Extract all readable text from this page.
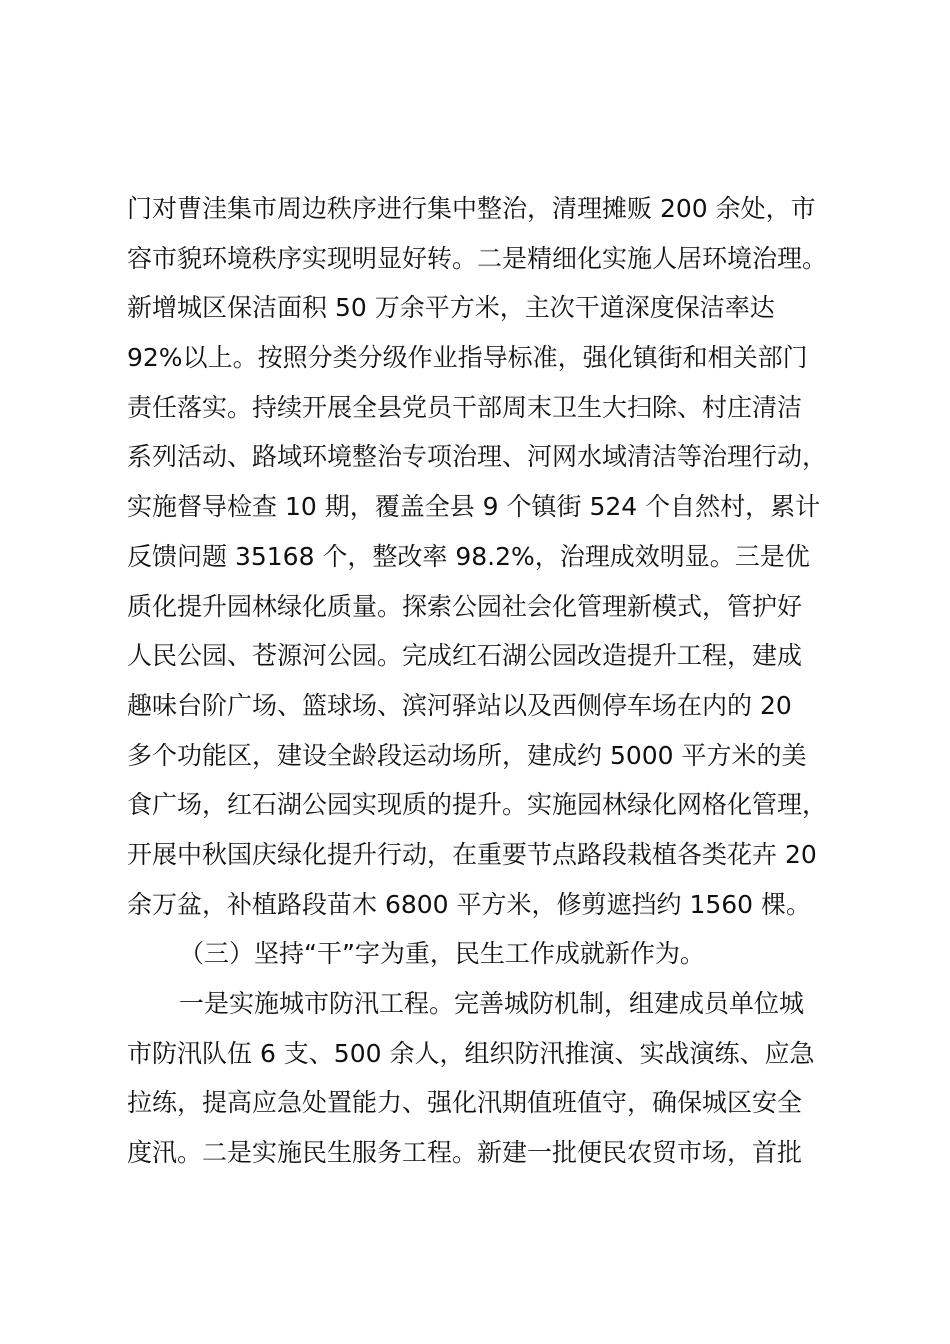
门对曹洼集市周边秩序进行集中整治，清理摊贩 200 余处，市
容市貌环境秩序实现明显好转。二是精细化实施人居环境治理。
新增城区保洁面积 50 万余平方米，主次干道深度保洁率达
92%以上。按照分类分级作业指导标准，强化镇街和相关部门
责任落实。持续开展全县党员干部周末卫生大扫除、村庄清洁
系列活动、路域环境整治专项治理、河网水域清洁等治理行动，
实施督导检查 10 期，覆盖全县 9 个镇街 524 个自然村，累计
反馈问题 35168 个，整改率 98.2%，治理成效明显。三是优
质化提升园林绿化质量。探索公园社会化管理新模式，管护好
人民公园、苍源河公园。完成红石湖公园改造提升工程，建成
趣味台阶广场、篮球场、滨河驿站以及西侧停车场在内的 20
多个功能区，建设全龄段运动场所，建成约 5000 平方米的美
食广场，红石湖公园实现质的提升。实施园林绿化网格化管理，
开展中秋国庆绿化提升行动，在重要节点路段栽植各类花卉 20
余万盆，补植路段苗木 6800 平方米，修剪遮挡约 1560 棵。
（三）坚持“干”字为重，民生工作成就新作为。
一是实施城市防汛工程。完善城防机制，组建成员单位城
市防汛队伍 6 支、500 余人，组织防汛推演、实战演练、应急
拉练，提高应急处置能力、强化汛期值班值守，确保城区安全
度汛。二是实施民生服务工程。新建一批便民农贸市场，首批
